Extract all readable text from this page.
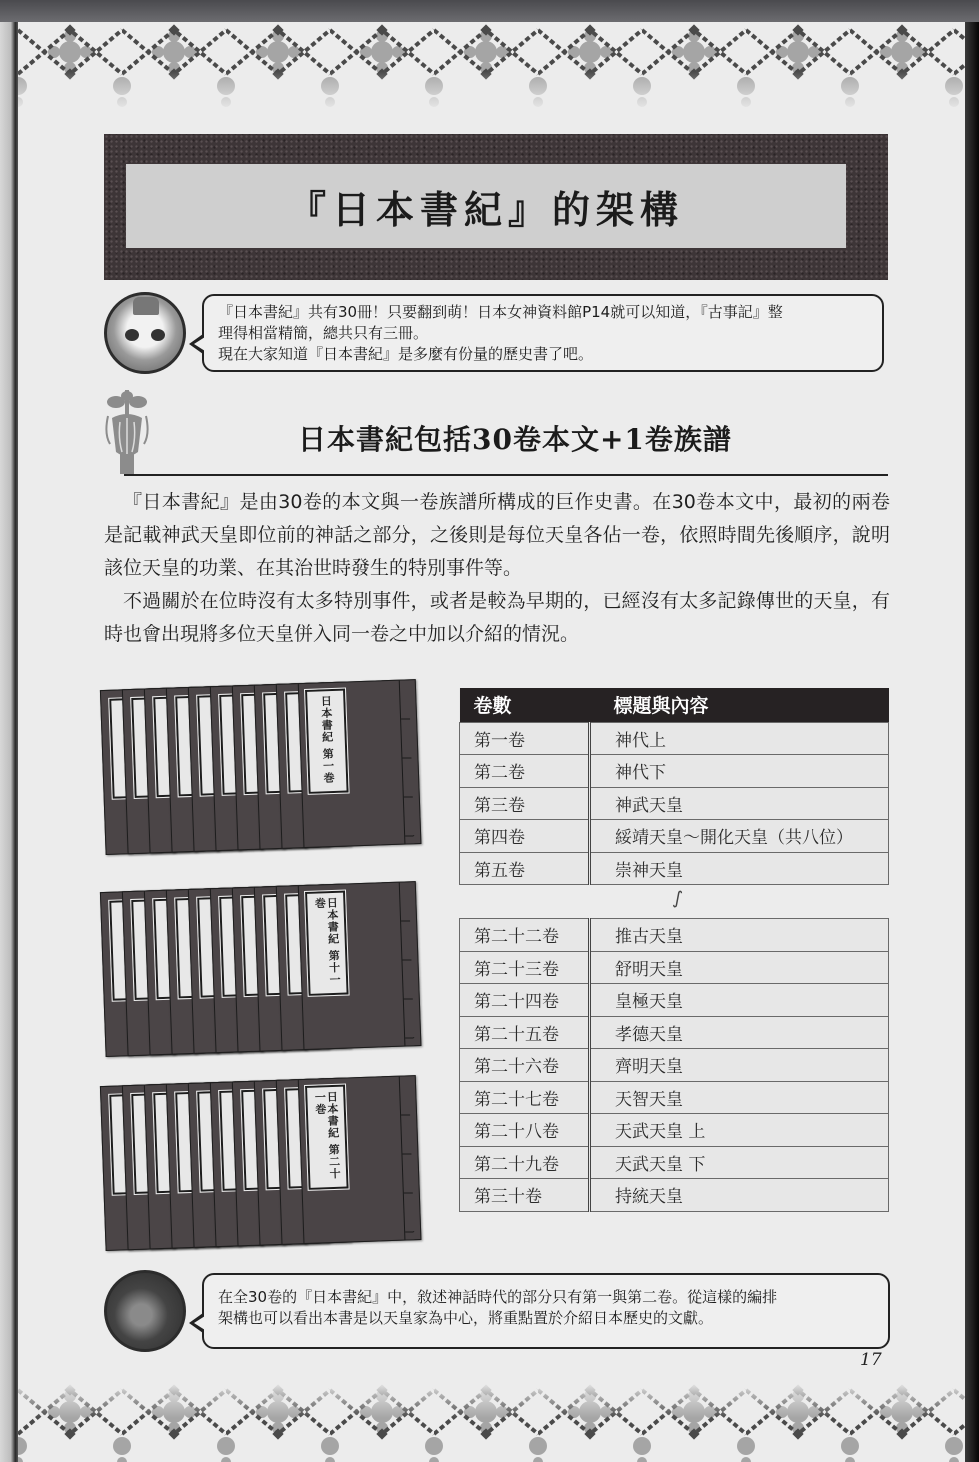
『日本書紀』的架構
『日本書紀』共有30冊！只要翻到萌！日本女神資料館P14就可以知道，『古事記』整
理得相當精簡，總共只有三冊。
現在大家知道『日本書紀』是多麼有份量的歷史書了吧。
日本書紀包括30卷本文+1卷族譜

『日本書紀』是由30卷的本文與一卷族譜所構成的巨作史書。在30卷本文中，最初的兩卷是記載神武天皇即位前的神話之部分，之後則是每位天皇各佔一卷，依照時間先後順序，說明該位天皇的功業、在其治世時發生的特別事件等。

不過關於在位時沒有太多特別事件，或者是較為早期的，已經沒有太多記錄傳世的天皇，有時也會出現將多位天皇併入同一卷之中加以介紹的情況。

日本書紀 第一巻
日本書紀 第十一巻
日本書紀 第二十一巻
卷數	標題與內容
第一卷	神代上
第二卷	神代下
第三卷	神武天皇
第四卷	綏靖天皇～開化天皇（共八位）
第五卷	崇神天皇
∫
第二十二卷	推古天皇
第二十三卷	舒明天皇
第二十四卷	皇極天皇
第二十五卷	孝德天皇
第二十六卷	齊明天皇
第二十七卷	天智天皇
第二十八卷	天武天皇 上
第二十九卷	天武天皇 下
第三十卷	持統天皇
在全30卷的『日本書紀』中，敘述神話時代的部分只有第一與第二卷。從這樣的編排
架構也可以看出本書是以天皇家為中心，將重點置於介紹日本歷史的文獻。
17
